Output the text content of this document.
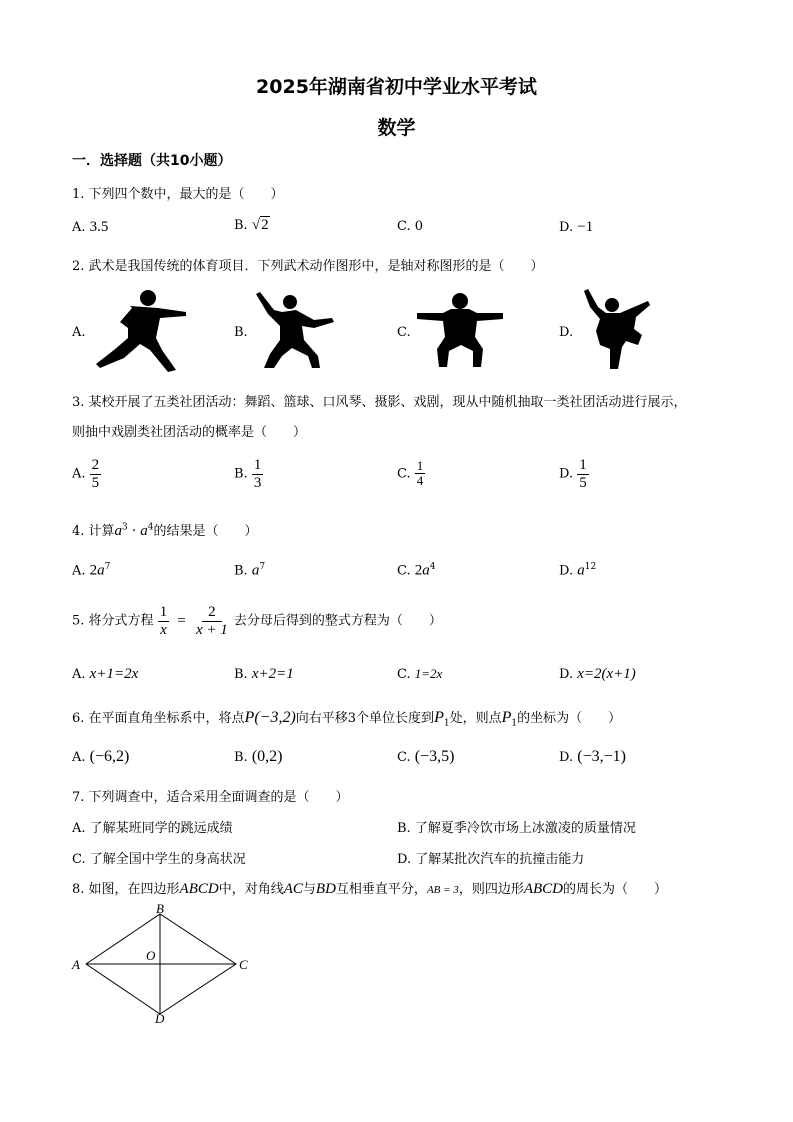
2025年湖南省初中学业水平考试
数学
一．选择题（共10小题）
1. 下列四个数中，最大的是（　　）
A. 3.5	B. √2	C. 0	D. −1
2. 武术是我国传统的体育项目．下列武术动作图形中，是轴对称图形的是（　　）
A.	B.	C.	D.
3. 某校开展了五类社团活动：舞蹈、篮球、口风琴、摄影、戏剧，现从中随机抽取一类社团活动进行展示，
则抽中戏剧类社团活动的概率是（　　）
A. $\frac{2}{5}$	B. $\frac{1}{3}$	C. $\frac{1}{4}$	D. $\frac{1}{5}$
4. 计算$a^3 \cdot a^4$的结果是（　　）
A. $2a^7$	B. $a^7$	C. $2a^4$	D. $a^{12}$
5. 将分式方程 $\frac{1}{x} = \frac{2}{x + 1}$ 去分母后得到的整式方程为（　　）
A. x+1=2x	B. x+2=1	C. 1=2x	D. x=2(x+1)
6. 在平面直角坐标系中，将点P(−3,2)向右平移3个单位长度到$P_1$处，则点$P_1$的坐标为（　　）
A. (−6,2)	B. (0,2)	C. (−3,5)	D. (−3,−1)
7. 下列调查中，适合采用全面调查的是（　　）
A. 了解某班同学的跳远成绩	B. 了解夏季冷饮市场上冰激凌的质量情况
C. 了解全国中学生的身高状况	D. 了解某批次汽车的抗撞击能力
8. 如图，在四边形ABCD中，对角线AC与BD互相垂直平分，AB = 3，则四边形ABCD的周长为（　　）
A
B
C
D
O
